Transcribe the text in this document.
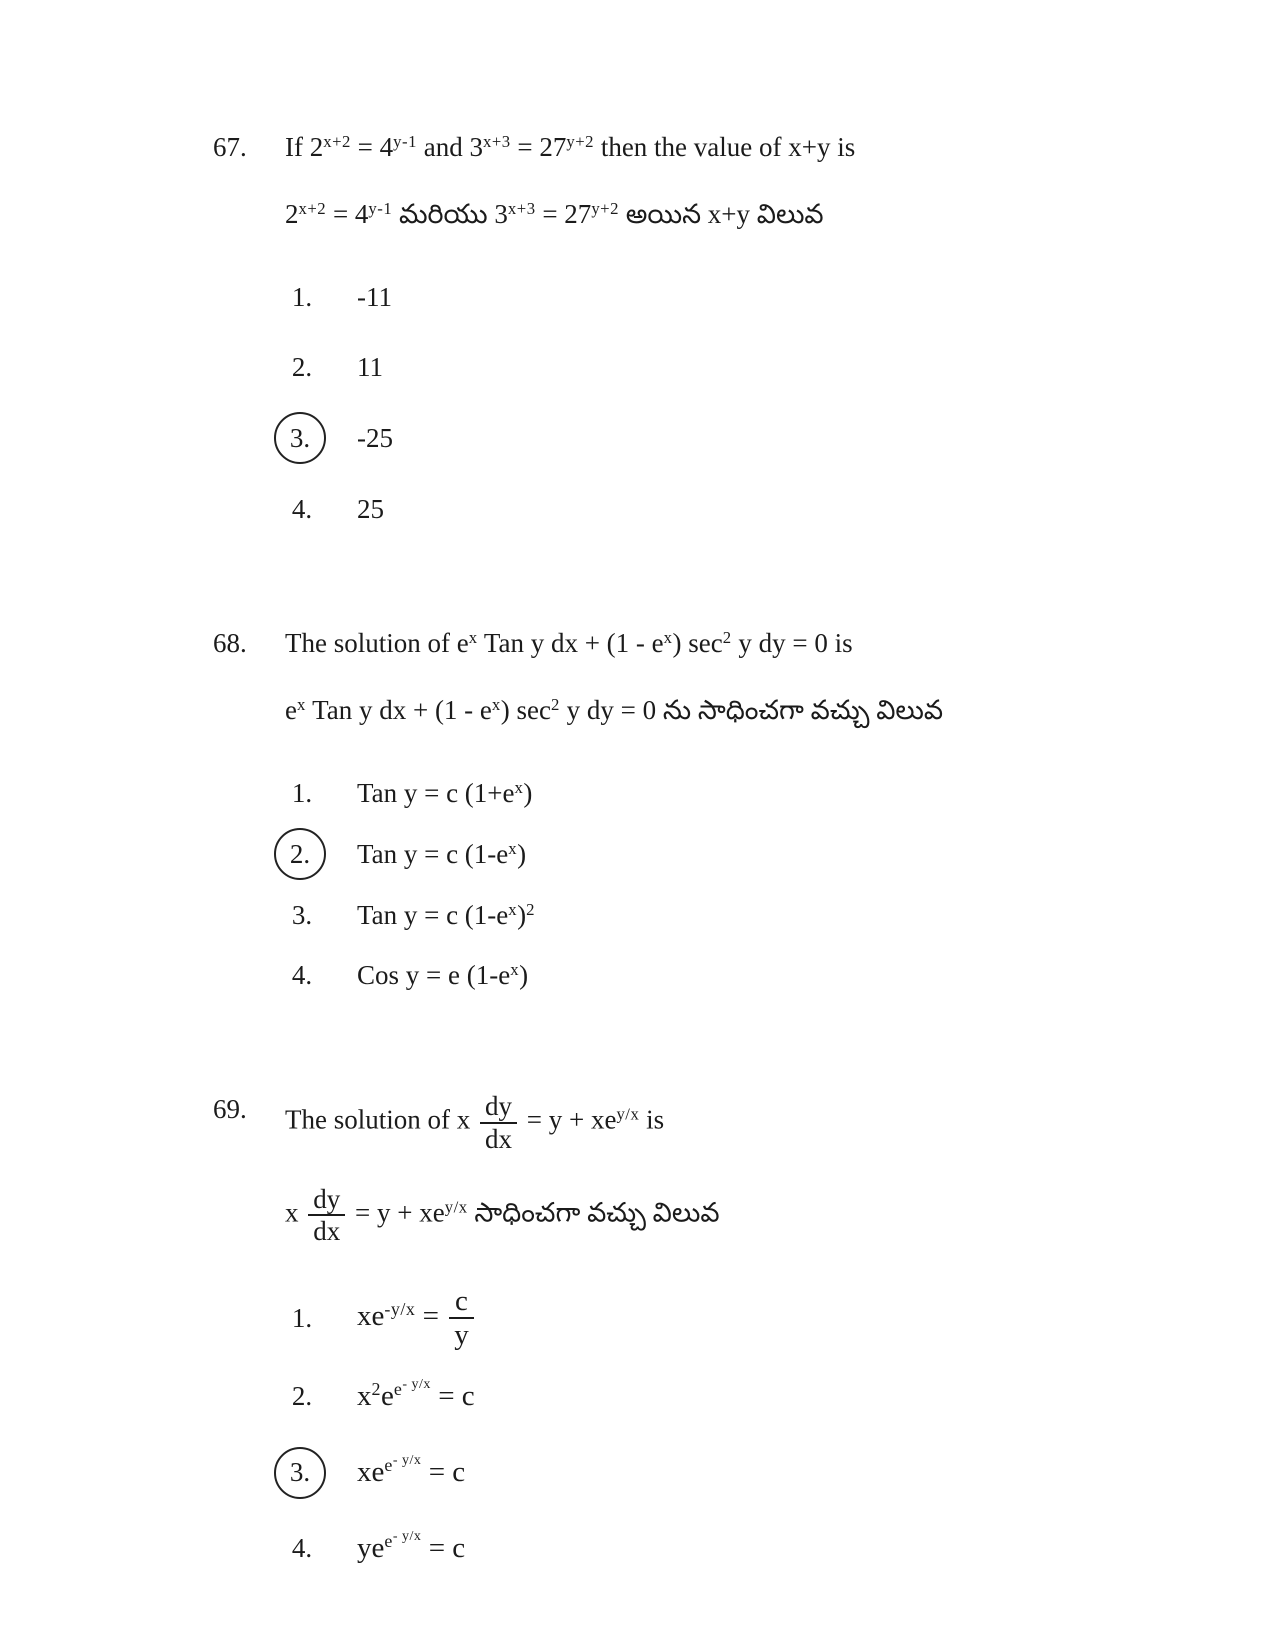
67.	If $2^{x+2} = 4^{y-1}$ and $3^{x+3} = 27^{y+2}$ then the value of x+y is
$2^{x+2} = 4^{y-1}$ మరియు $3^{x+3} = 27^{y+2}$ అయిన x+y విలువ
1.	-11
2.	11
3.	-25
4.	25
68.	The solution of $e^x$ Tan y dx + $(1 - e^x)$ $\sec^2 y$ dy = 0 is
$e^x$ Tan y dx + $(1 - e^x)$ $\sec^2 y$ dy = 0 ను సాధించగా వచ్చు విలువ
1.	Tan y = c $(1+e^x)$
2.	Tan y = c $(1-e^x)$
3.	Tan y = c $(1-e^x)^2$
4.	Cos y = e $(1-e^x)$
69.	The solution of x $\frac{dy}{dx} = y + xe^{y/x}$ is
x $\frac{dy}{dx} = y + xe^{y/x}$ సాధించగా వచ్చు విలువ
1.	$xe^{-y/x} = \frac{c}{y}$
2.	$x^2e^{e^{- y/x}} = c$
3.	$xe^{e^{- y/x}} = c$
4.	$ye^{e^{- y/x}} = c$
